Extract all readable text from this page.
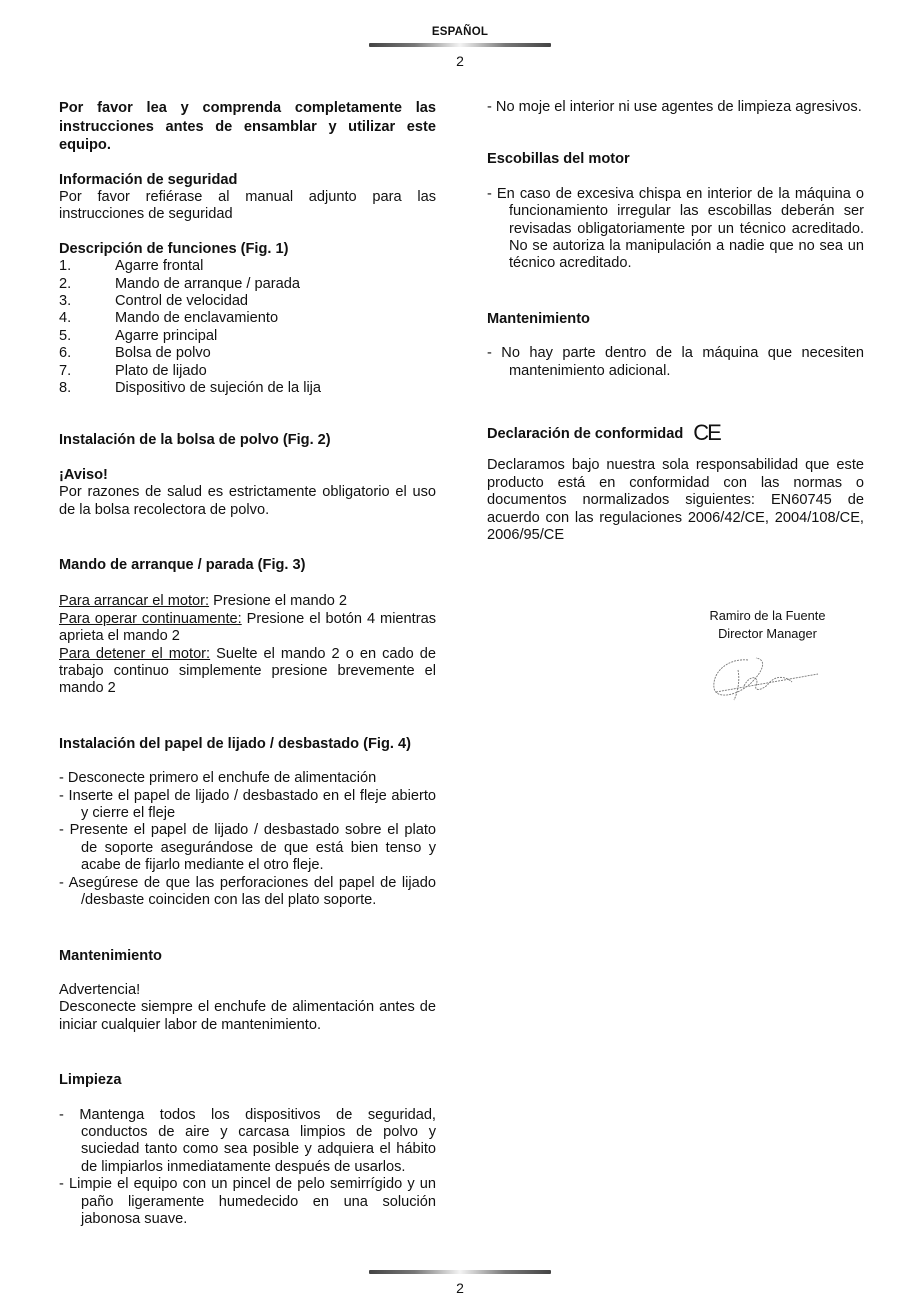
ESPAÑOL
2

Por favor lea y comprenda completamente las instrucciones antes de ensamblar y utilizar este equipo.

Información de seguridad

Por favor refiérase al manual adjunto para las instrucciones de seguridad

Descripción de funciones (Fig. 1)
1.	Agarre frontal
2.	Mando de arranque / parada
3.	Control de velocidad
4.	Mando de enclavamiento
5.	Agarre principal
6.	Bolsa de polvo
7.	Plato de lijado
8.	Dispositivo de sujeción de la lija
Instalación de la bolsa de polvo (Fig. 2)
¡Aviso!

Por razones de salud es estrictamente obligatorio el uso de la bolsa recolectora de polvo.

Mando de arranque / parada (Fig. 3)

Para arrancar el motor: Presione el mando 2

Para operar continuamente: Presione el botón 4 mientras aprieta el mando 2

Para detener el motor: Suelte el mando 2 o en cado de trabajo continuo simplemente presione brevemente el mando 2

Instalación del papel de lijado / desbastado (Fig. 4)
- Desconecte primero el enchufe de alimentación
- Inserte el papel de lijado / desbastado en el fleje abierto y cierre el fleje
- Presente el papel de lijado / desbastado sobre el plato de soporte asegurándose de que está bien tenso y acabe de fijarlo mediante el otro fleje.
- Asegúrese de que las perforaciones del papel de lijado /desbaste coinciden con las del plato soporte.
Mantenimiento

Advertencia!

Desconecte siempre el enchufe de alimentación antes de iniciar cualquier labor de mantenimiento.

Limpieza
- Mantenga todos los dispositivos de seguridad, conductos de aire y carcasa limpios de polvo y suciedad tanto como sea posible y adquiera el hábito de limpiarlos inmediatamente después de usarlos.
- Limpie el equipo con un pincel de pelo semirrígido y un paño ligeramente humedecido en una solución jabonosa suave.
- No moje el interior ni use agentes de limpieza agresivos.
Escobillas del motor
- En caso de excesiva chispa en interior de la máquina o funcionamiento irregular las escobillas deberán ser revisadas obligatoriamente por un técnico acreditado. No se autoriza la manipulación a nadie que no sea un técnico acreditado.
Mantenimiento
- No hay parte dentro de la máquina que necesiten mantenimiento adicional.
Declaración de conformidad CE

Declaramos bajo nuestra sola responsabilidad que este producto está en conformidad con las normas o documentos normalizados siguientes: EN60745 de acuerdo con las regulaciones 2006/42/CE, 2004/108/CE, 2006/95/CE

Ramiro de la Fuente
Director Manager
2
